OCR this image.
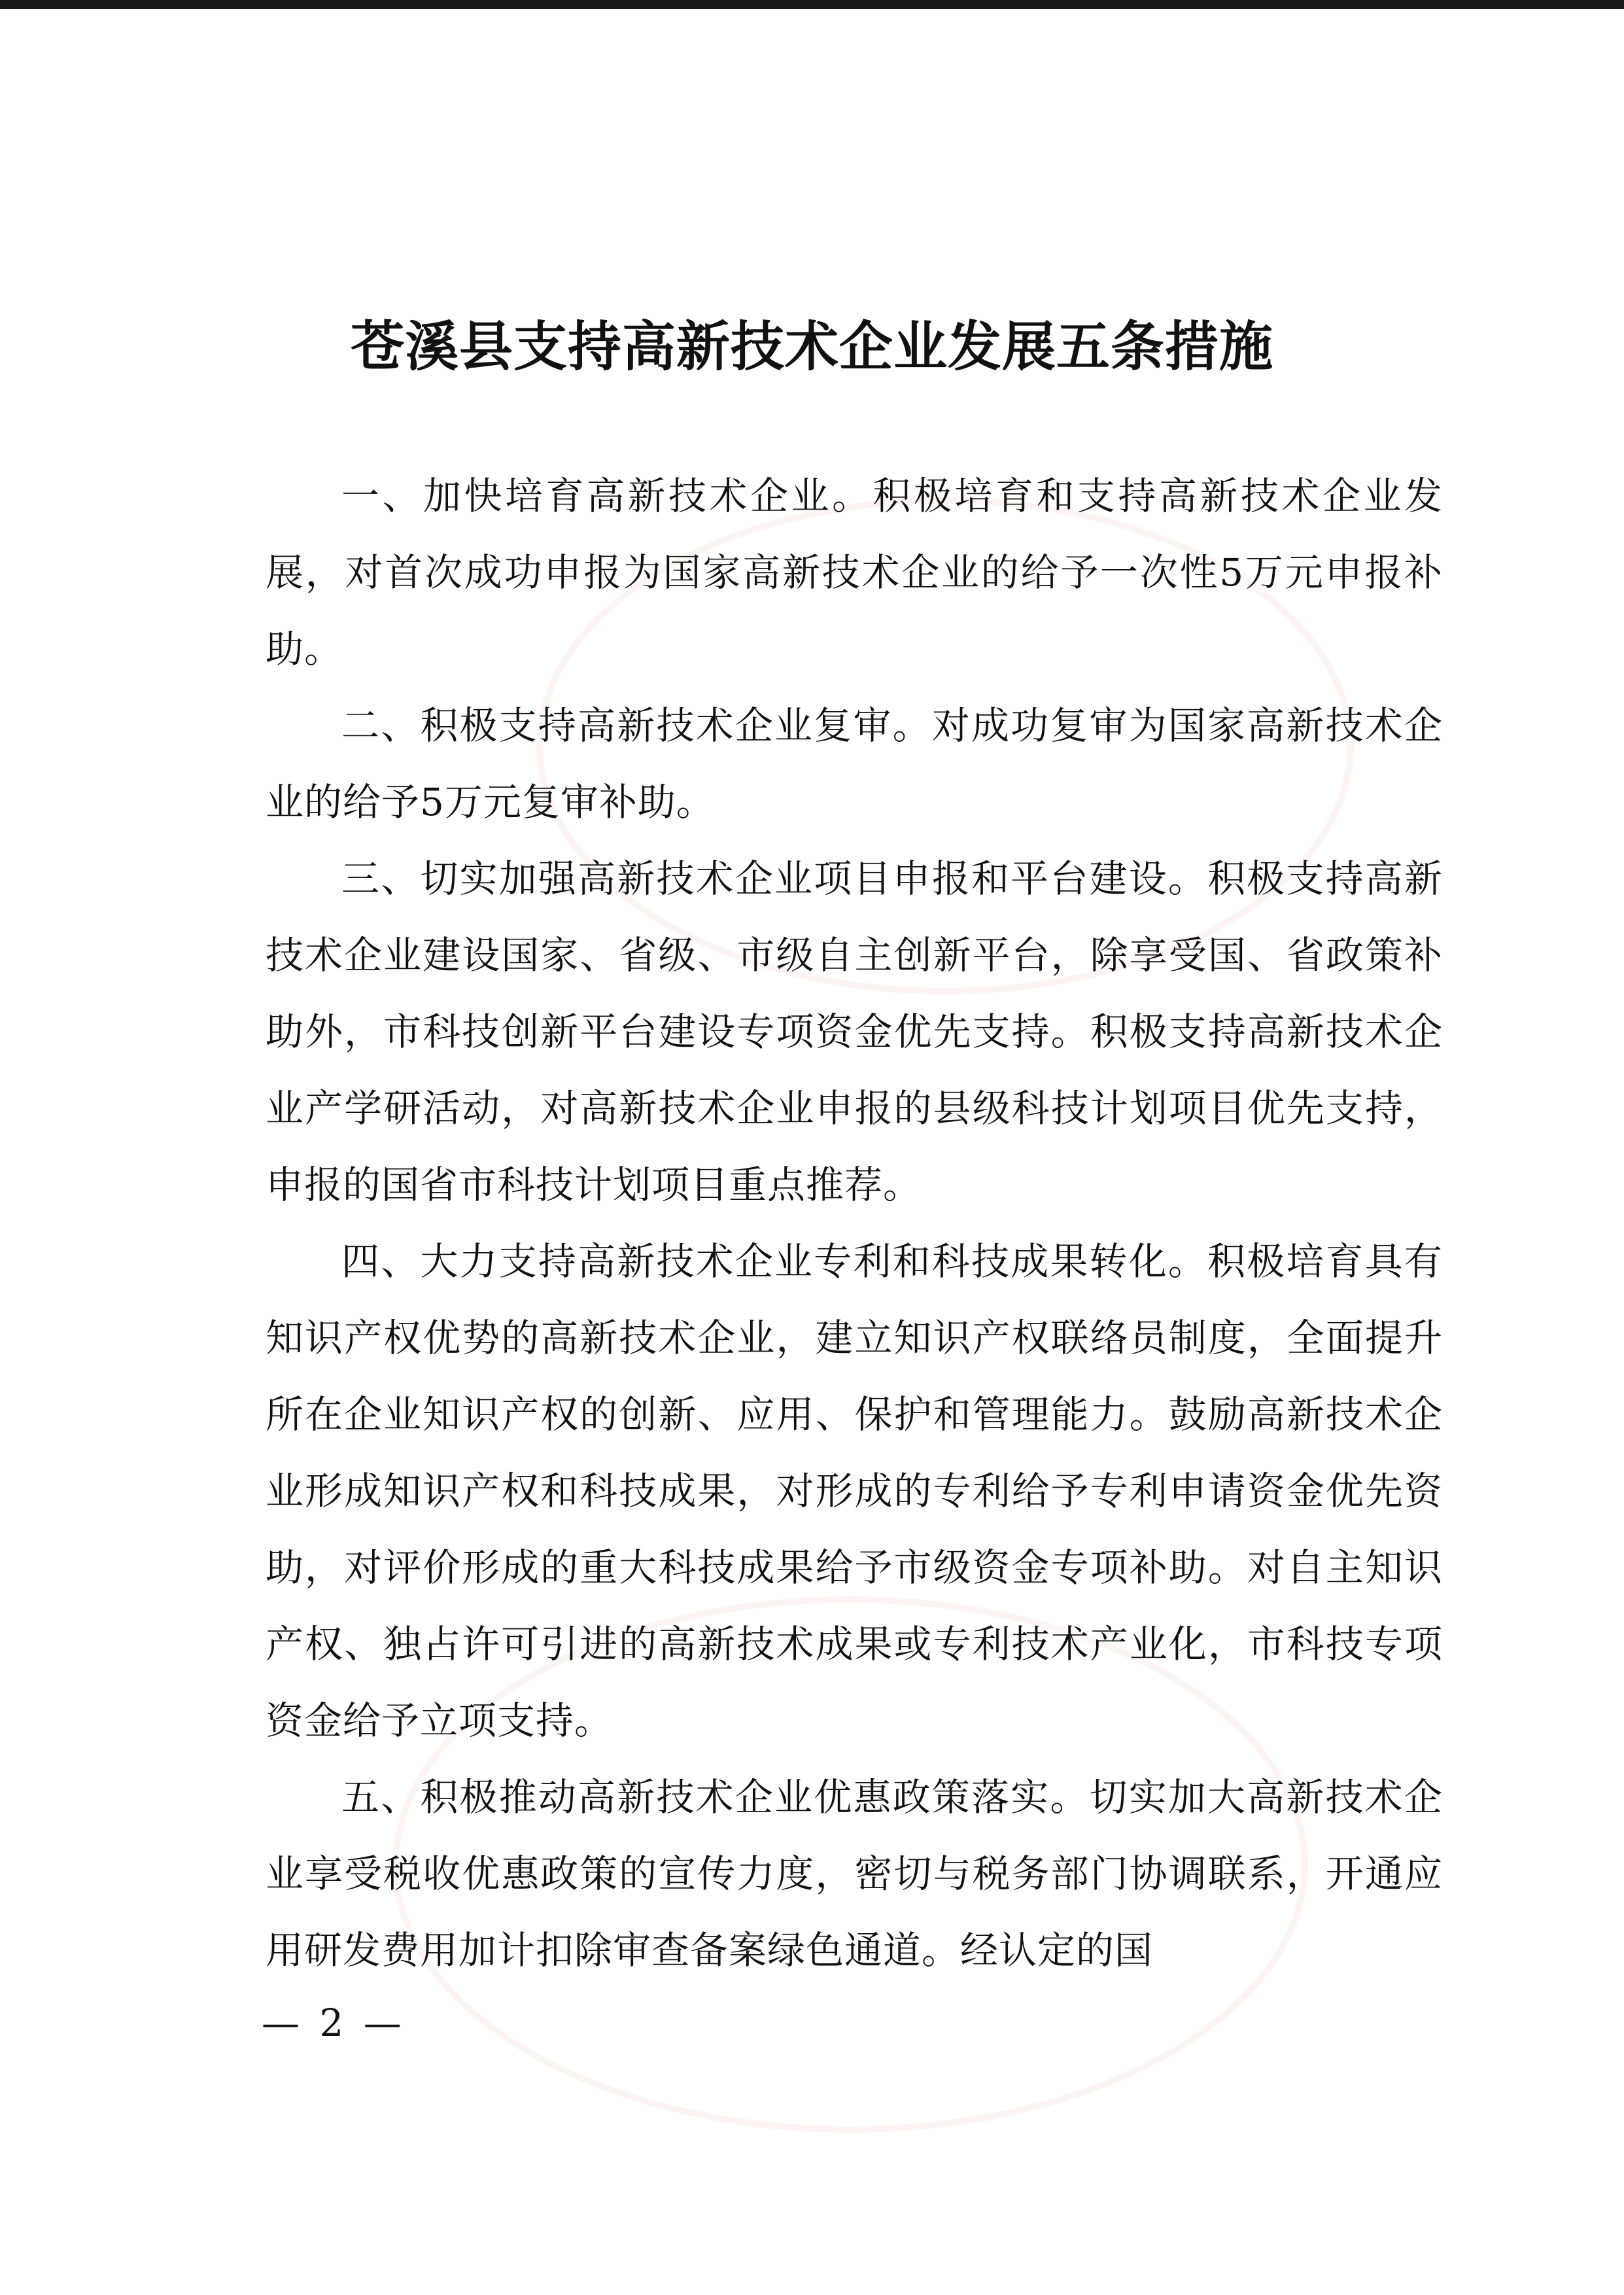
苍溪县支持高新技术企业发展五条措施

一、加快培育高新技术企业。积极培育和支持高新技术企业发展，对首次成功申报为国家高新技术企业的给予一次性5万元申报补助。

二、积极支持高新技术企业复审。对成功复审为国家高新技术企业的给予5万元复审补助。

三、切实加强高新技术企业项目申报和平台建设。积极支持高新技术企业建设国家、省级、市级自主创新平台，除享受国、省政策补助外，市科技创新平台建设专项资金优先支持。积极支持高新技术企业产学研活动，对高新技术企业申报的县级科技计划项目优先支持，申报的国省市科技计划项目重点推荐。

四、大力支持高新技术企业专利和科技成果转化。积极培育具有知识产权优势的高新技术企业，建立知识产权联络员制度，全面提升所在企业知识产权的创新、应用、保护和管理能力。鼓励高新技术企业形成知识产权和科技成果，对形成的专利给予专利申请资金优先资助，对评价形成的重大科技成果给予市级资金专项补助。对自主知识产权、独占许可引进的高新技术成果或专利技术产业化，市科技专项资金给予立项支持。

五、积极推动高新技术企业优惠政策落实。切实加大高新技术企业享受税收优惠政策的宣传力度，密切与税务部门协调联系，开通应用研发费用加计扣除审查备案绿色通道。经认定的国

— 2 —
